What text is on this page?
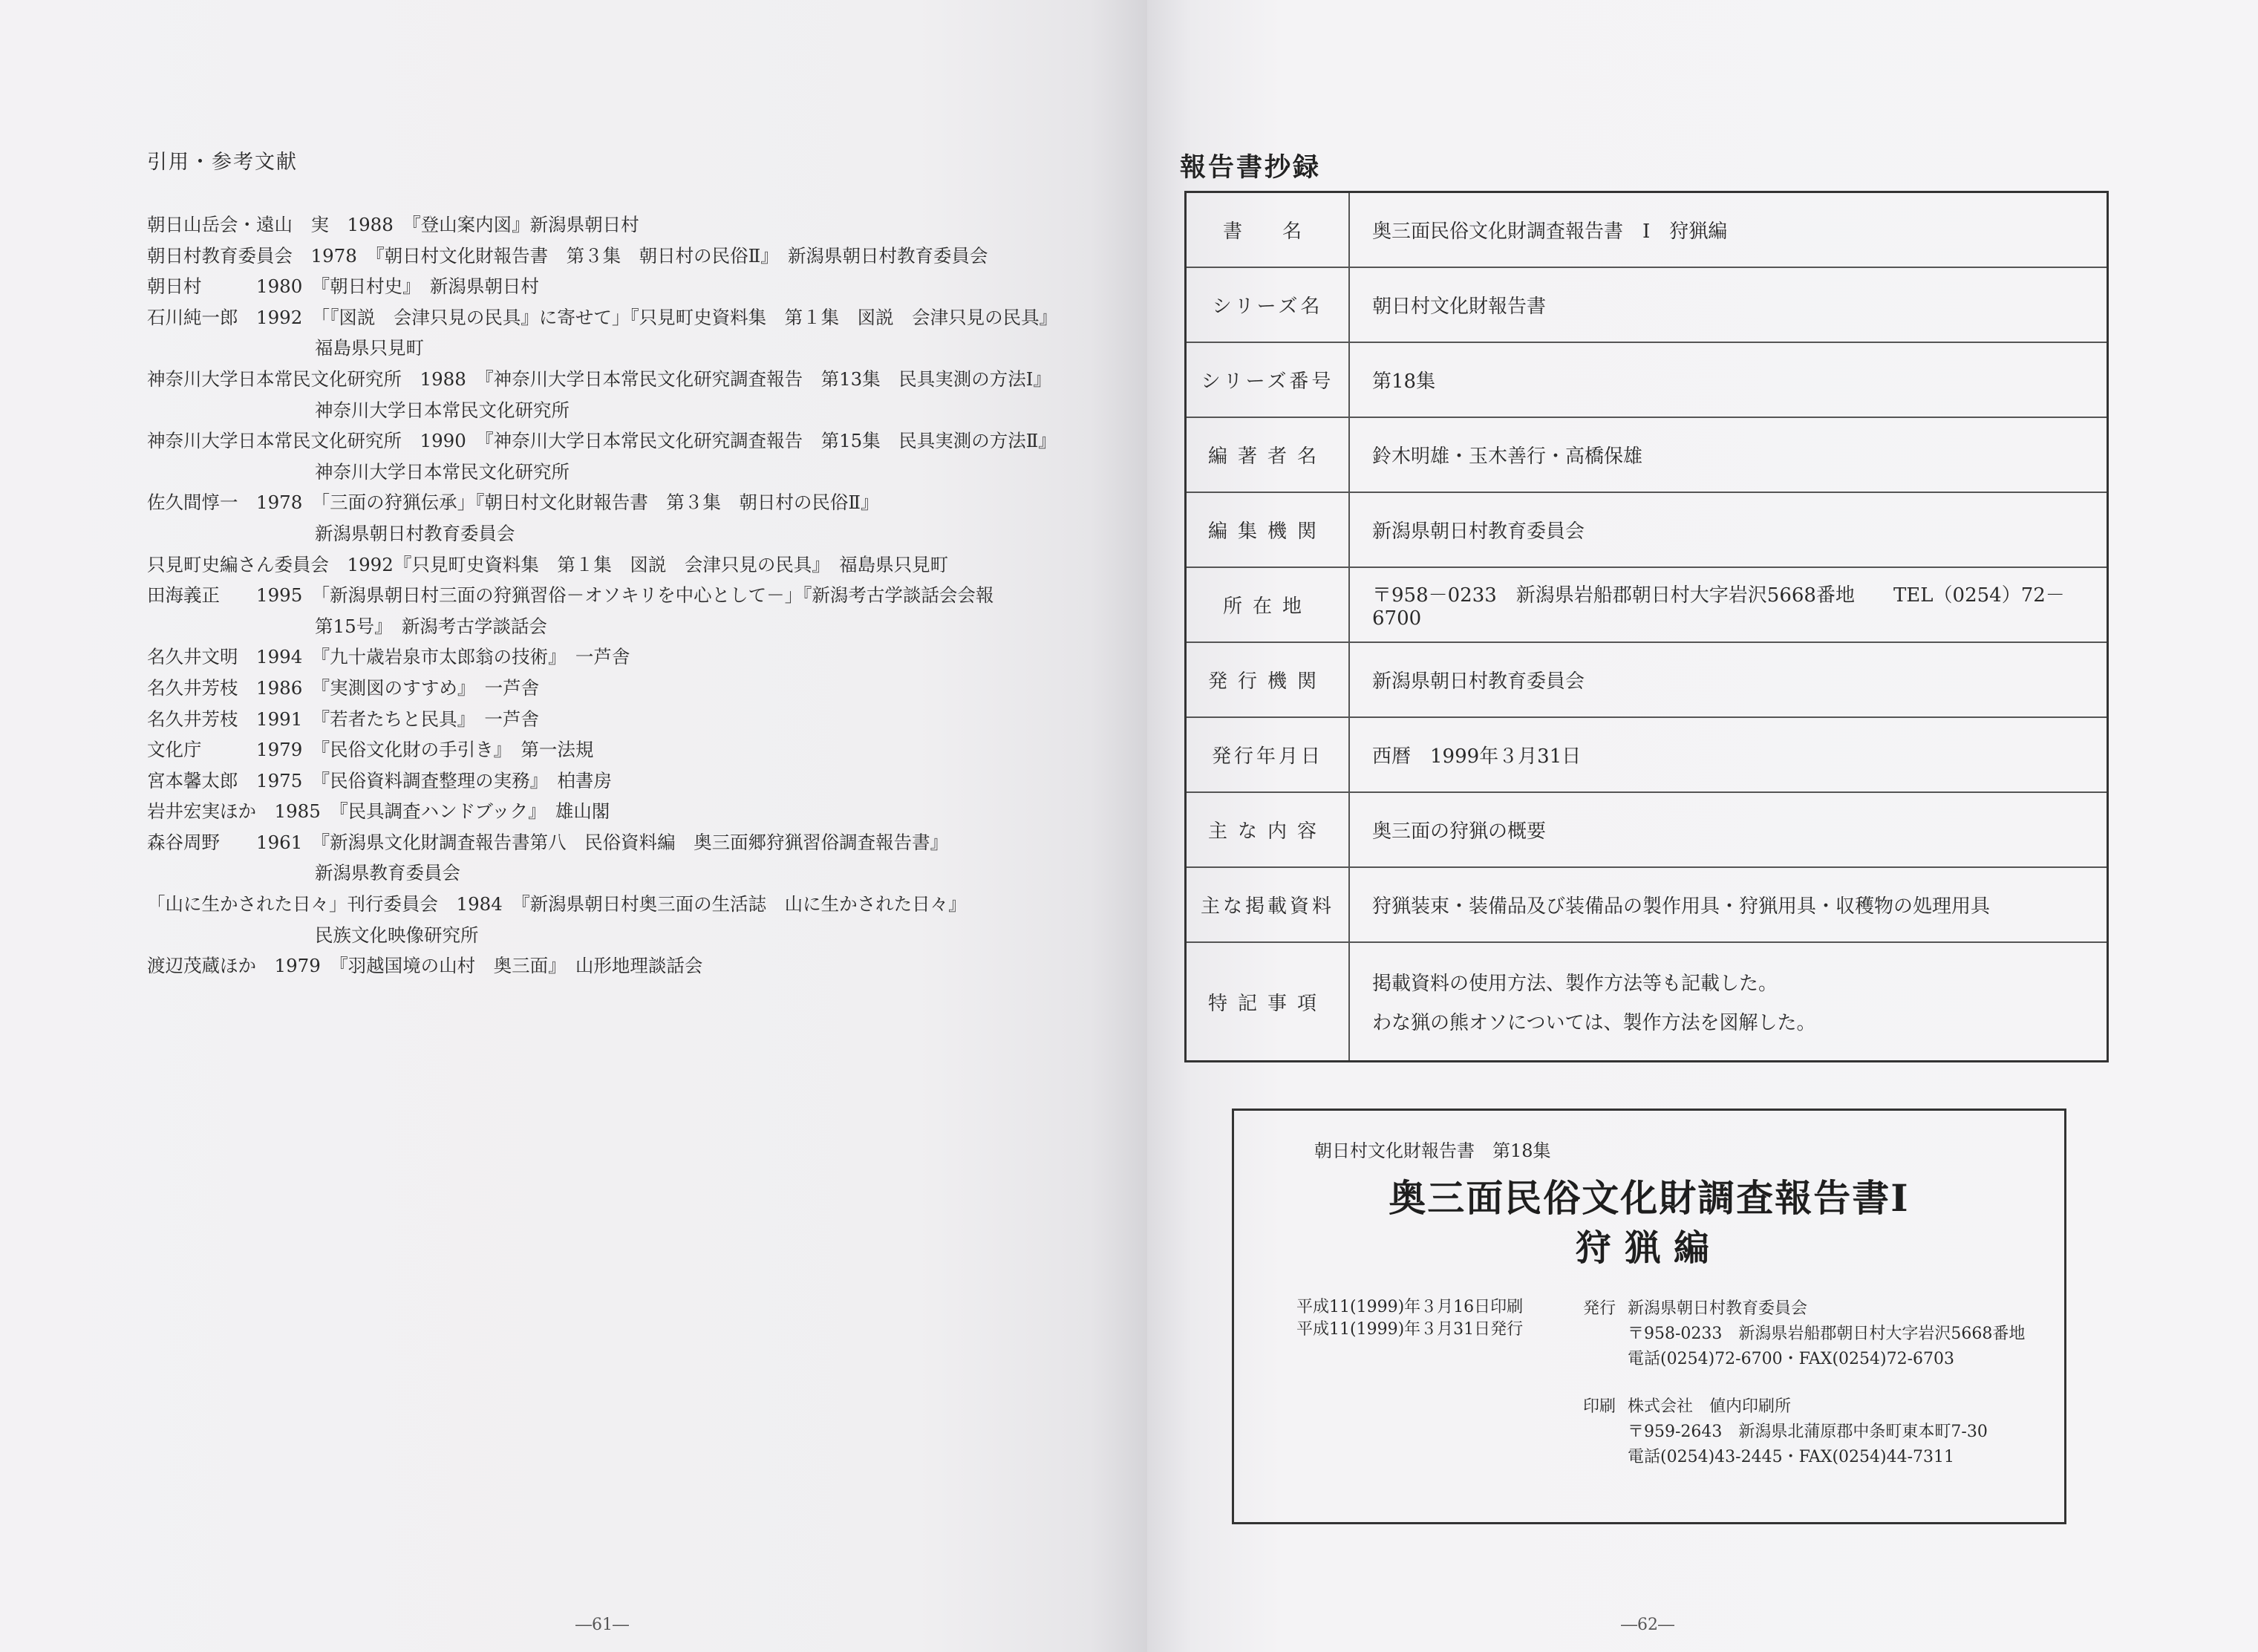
引用・参考文献
朝日山岳会・遠山　実　1988　『登山案内図』新潟県朝日村
朝日村教育委員会　1978　『朝日村文化財報告書　第３集　朝日村の民俗Ⅱ』　新潟県朝日村教育委員会
朝日村　　　1980　『朝日村史』　新潟県朝日村
石川純一郎　1992　「『図説　会津只見の民具』に寄せて」『只見町史資料集　第１集　図説　会津只見の民具』
福島県只見町
神奈川大学日本常民文化研究所　1988　『神奈川大学日本常民文化研究調査報告　第13集　民具実測の方法Ⅰ』
神奈川大学日本常民文化研究所
神奈川大学日本常民文化研究所　1990　『神奈川大学日本常民文化研究調査報告　第15集　民具実測の方法Ⅱ』
神奈川大学日本常民文化研究所
佐久間惇一　1978　「三面の狩猟伝承」『朝日村文化財報告書　第３集　朝日村の民俗Ⅱ』
新潟県朝日村教育委員会
只見町史編さん委員会　1992『只見町史資料集　第１集　図説　会津只見の民具』　福島県只見町
田海義正　　1995　「新潟県朝日村三面の狩猟習俗－オソキリを中心として－」『新潟考古学談話会会報
第15号』　新潟考古学談話会
名久井文明　1994　『九十歳岩泉市太郎翁の技術』　一芦舎
名久井芳枝　1986　『実測図のすすめ』　一芦舎
名久井芳枝　1991　『若者たちと民具』　一芦舎
文化庁　　　1979　『民俗文化財の手引き』　第一法規
宮本馨太郎　1975　『民俗資料調査整理の実務』　柏書房
岩井宏実ほか　1985　『民具調査ハンドブック』　雄山閣
森谷周野　　1961　『新潟県文化財調査報告書第八　民俗資料編　奥三面郷狩猟習俗調査報告書』
新潟県教育委員会
「山に生かされた日々」刊行委員会　1984　『新潟県朝日村奥三面の生活誌　山に生かされた日々』
民族文化映像研究所
渡辺茂蔵ほか　1979　『羽越国境の山村　奥三面』　山形地理談話会
―61―	―62―
報告書抄録
書　名	奥三面民俗文化財調査報告書　Ⅰ　狩猟編
シリーズ名	朝日村文化財報告書
シリーズ番号	第18集
編著者名	鈴木明雄・玉木善行・高橋保雄
編集機関	新潟県朝日村教育委員会
所在地	〒958－0233　新潟県岩船郡朝日村大字岩沢5668番地　　TEL（0254）72－6700
発行機関	新潟県朝日村教育委員会
発行年月日	西暦　1999年３月31日
主な内容	奥三面の狩猟の概要
主な掲載資料	狩猟装束・装備品及び装備品の製作用具・狩猟用具・収穫物の処理用具
特記事項	掲載資料の使用方法、製作方法等も記載した。

わな猟の熊オソについては、製作方法を図解した。

朝日村文化財報告書　第18集
奥三面民俗文化財調査報告書Ⅰ
狩猟編
平成11(1999)年３月16日印刷
平成11(1999)年３月31日発行
発行 新潟県朝日村教育委員会
〒958-0233　新潟県岩船郡朝日村大字岩沢5668番地
電話(0254)72-6700・FAX(0254)72-6703
印刷 株式会社　値内印刷所
〒959-2643　新潟県北蒲原郡中条町東本町7-30
電話(0254)43-2445・FAX(0254)44-7311
